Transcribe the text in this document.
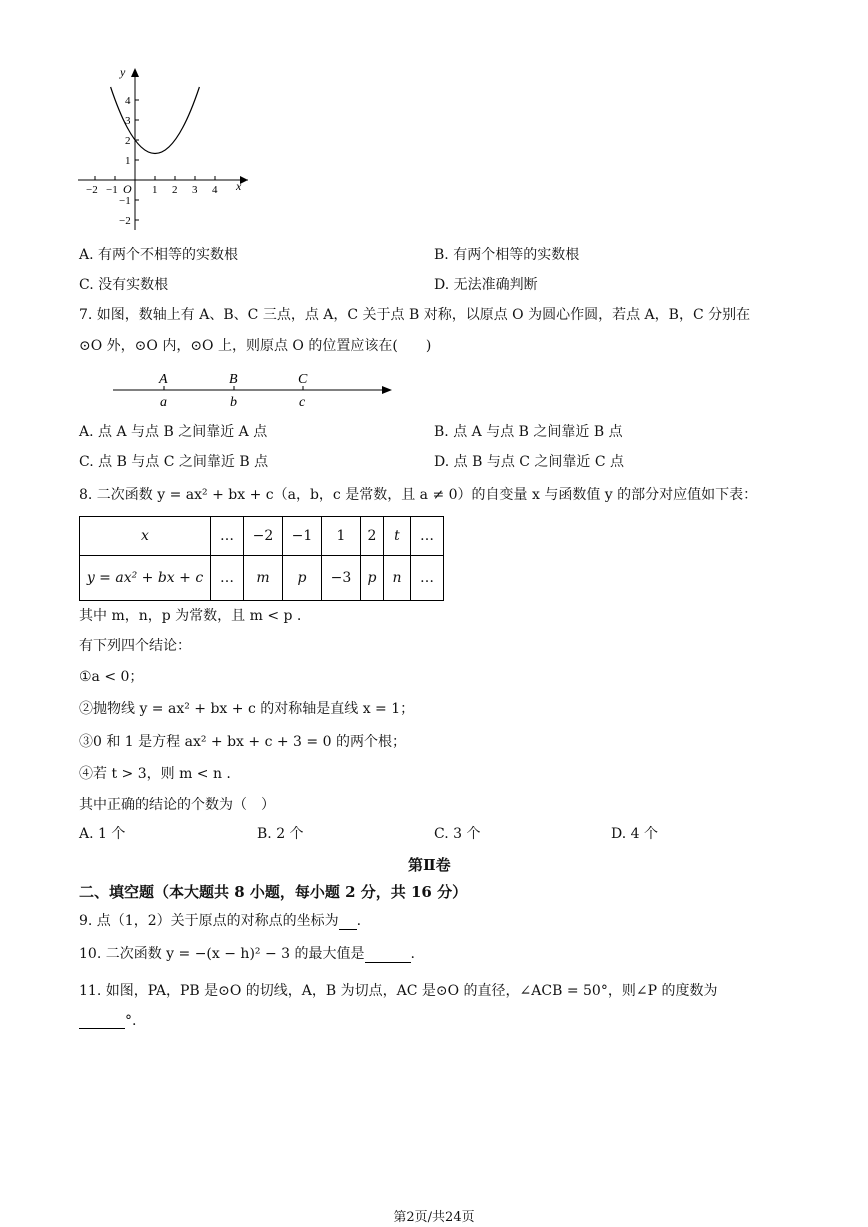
y
x
O
4
3
2
1
−1
−2
−2 −1	1 2 3 4
A. 有两个不相等的实数根	B. 有两个相等的实数根
C. 没有实数根	D. 无法准确判断
7. 如图，数轴上有 A、B、C 三点，点 A，C 关于点 B 对称，以原点 O 为圆心作圆，若点 A，B，C 分别在
⊙O 外，⊙O 内，⊙O 上，则原点 O 的位置应该在(　　)
A	B	C
a	b	c
A. 点 A 与点 B 之间靠近 A 点	B. 点 A 与点 B 之间靠近 B 点
C. 点 B 与点 C 之间靠近 B 点	D. 点 B 与点 C 之间靠近 C 点
8. 二次函数 y = ax² + bx + c（a，b，c 是常数，且 a ≠ 0）的自变量 x 与函数值 y 的部分对应值如下表：
x	…	−2	−1	1	2	t	…
y = ax² + bx + c	…	m	p	−3	p	n	…
其中 m，n，p 为常数，且 m < p .
有下列四个结论：
①a < 0；
②抛物线 y = ax² + bx + c 的对称轴是直线 x = 1；
③0 和 1 是方程 ax² + bx + c + 3 = 0 的两个根；
④若 t > 3，则 m < n .
其中正确的结论的个数为（　）
A. 1 个	B. 2 个	C. 3 个	D. 4 个
第Ⅱ卷
二、填空题（本大题共 8 小题，每小题 2 分，共 16 分）
9. 点（1，2）关于原点的对称点的坐标为 .
10. 二次函数 y = −(x − h)² − 3 的最大值是	.
11. 如图，PA，PB 是⊙O 的切线，A，B 为切点，AC 是⊙O 的直径，∠ACB = 50°，则∠P 的度数为
°.
第2页/共24页
